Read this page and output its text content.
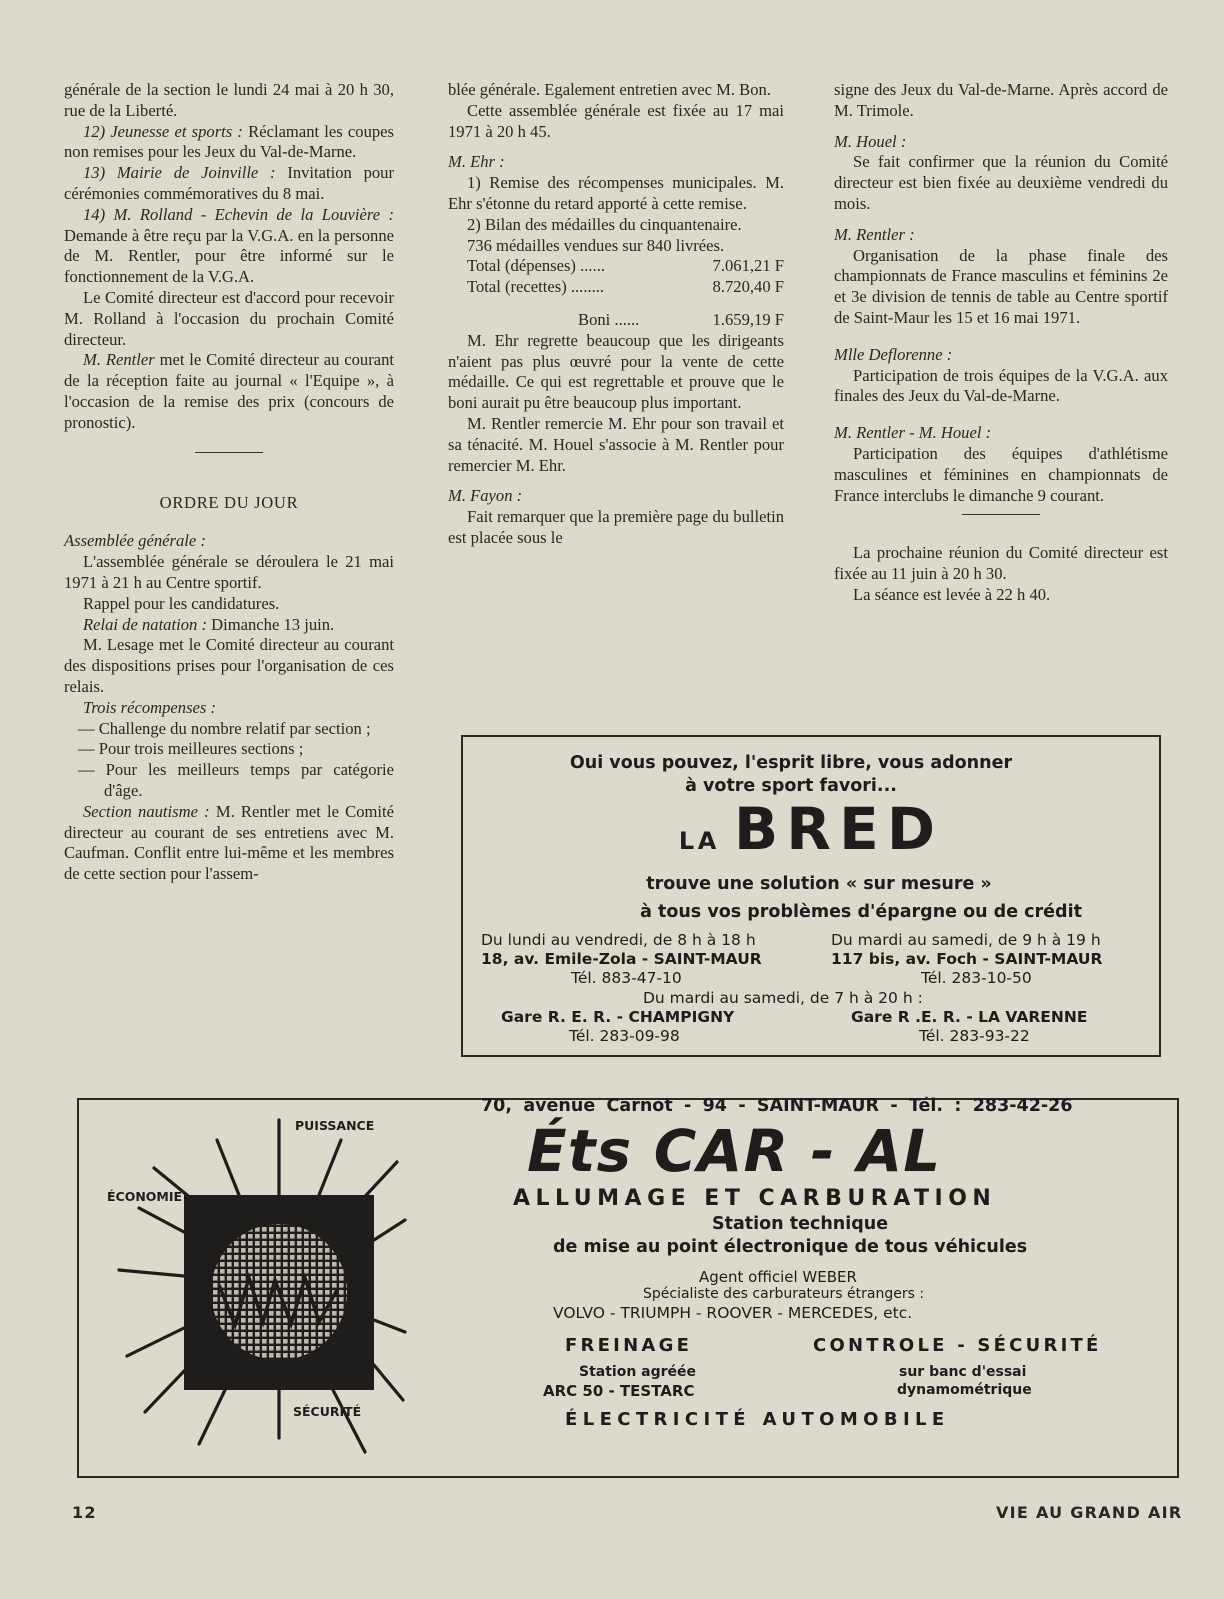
générale de la section le lundi 24 mai à 20 h 30, rue de la Liberté.

12) Jeunesse et sports : Réclamant les coupes non remises pour les Jeux du Val-de-Marne.

13) Mairie de Joinville : Invitation pour cérémonies commémoratives du 8 mai.

14) M. Rolland - Echevin de la Louvière : Demande à être reçu par la V.G.A. en la personne de M. Rentler, pour être informé sur le fonctionnement de la V.G.A.

Le Comité directeur est d'accord pour recevoir M. Rolland à l'occasion du prochain Comité directeur.

M. Rentler met le Comité directeur au courant de la réception faite au journal « l'Equipe », à l'occasion de la remise des prix (concours de pronostic).

ORDRE DU JOUR

Assemblée générale :

L'assemblée générale se déroulera le 21 mai 1971 à 21 h au Centre sportif.

Rappel pour les candidatures.

Relai de natation : Dimanche 13 juin.

M. Lesage met le Comité directeur au courant des dispositions prises pour l'organisation de ces relais.

Trois récompenses :

— Challenge du nombre relatif par section ;

— Pour trois meilleures sections ;

— Pour les meilleurs temps par catégorie d'âge.

Section nautisme : M. Rentler met le Comité directeur au courant de ses entretiens avec M. Caufman. Conflit entre lui-même et les membres de cette section pour l'assem-

blée générale. Egalement entretien avec M. Bon.

Cette assemblée générale est fixée au 17 mai 1971 à 20 h 45.

M. Ehr :

1) Remise des récompenses municipales. M. Ehr s'étonne du retard apporté à cette remise.

2) Bilan des médailles du cinquantenaire.

736 médailles vendues sur 840 livrées.

Total (dépenses) ......	7.061,21 F
Total (recettes) ........	8.720,40 F
Boni ......	1.659,19 F

M. Ehr regrette beaucoup que les dirigeants n'aient pas plus œuvré pour la vente de cette médaille. Ce qui est regrettable et prouve que le boni aurait pu être beaucoup plus important.

M. Rentler remercie M. Ehr pour son travail et sa ténacité. M. Houel s'associe à M. Rentler pour remercier M. Ehr.

M. Fayon :

Fait remarquer que la première page du bulletin est placée sous le

signe des Jeux du Val-de-Marne. Après accord de M. Trimole.

M. Houel :

Se fait confirmer que la réunion du Comité directeur est bien fixée au deuxième vendredi du mois.

M. Rentler :

Organisation de la phase finale des championnats de France masculins et féminins 2e et 3e division de tennis de table au Centre sportif de Saint-Maur les 15 et 16 mai 1971.

Mlle Deflorenne :

Participation de trois équipes de la V.G.A. aux finales des Jeux du Val-de-Marne.

M. Rentler - M. Houel :

Participation des équipes d'athlétisme masculines et féminines en championnats de France interclubs le dimanche 9 courant.

La prochaine réunion du Comité directeur est fixée au 11 juin à 20 h 30.

La séance est levée à 22 h 40.

Oui vous pouvez, l'esprit libre, vous adonner
à votre sport favori...
LA BRED
trouve une solution « sur mesure »
à tous vos problèmes d'épargne ou de crédit
Du lundi au vendredi, de 8 h à 18 h
18, av. Emile-Zola - SAINT-MAUR
Tél. 883-47-10
Du mardi au samedi, de 9 h à 19 h
117 bis, av. Foch - SAINT-MAUR
Tél. 283-10-50
Du mardi au samedi, de 7 h à 20 h :
Gare R. E. R. - CHAMPIGNY
Tél. 283-09-98
Gare R .E. R. - LA VARENNE
Tél. 283-93-22
PUISSANCE
ÉCONOMIE
SÉCURITÉ
70, avenue Carnot - 94 - SAINT-MAUR - Tél. : 283-42-26
Éts CAR - AL
ALLUMAGE ET CARBURATION
Station technique
de mise au point électronique de tous véhicules
Agent officiel WEBER
Spécialiste des carburateurs étrangers :
VOLVO - TRIUMPH - ROOVER - MERCEDES, etc.
FREINAGE
Station agréée
ARC 50 - TESTARC
CONTROLE - SÉCURITÉ
sur banc d'essai
dynamométrique
ÉLECTRICITÉ AUTOMOBILE
12	VIE AU GRAND AIR
